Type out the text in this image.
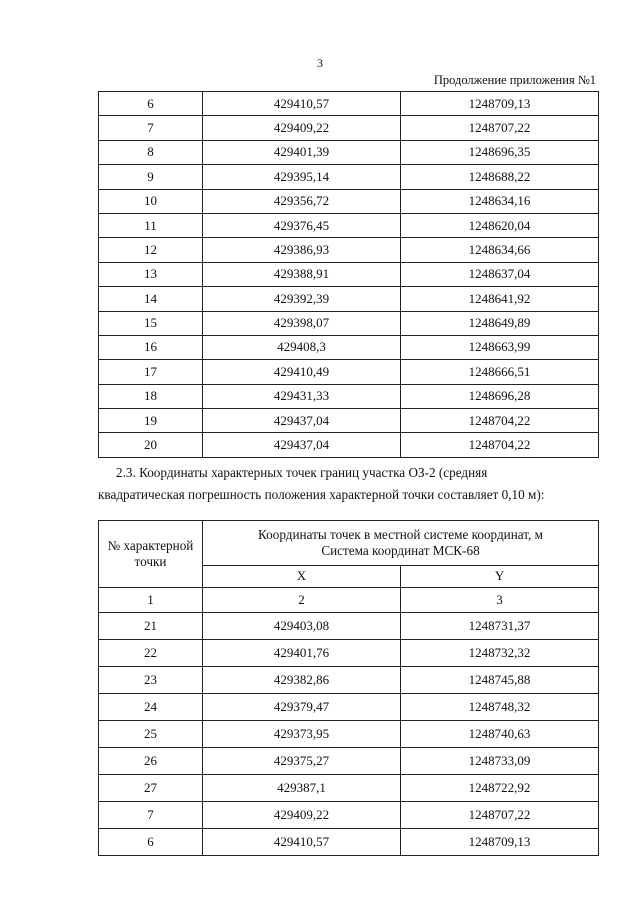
3
Продолжение приложения №1
6	429410,57	1248709,13
7	429409,22	1248707,22
8	429401,39	1248696,35
9	429395,14	1248688,22
10	429356,72	1248634,16
11	429376,45	1248620,04
12	429386,93	1248634,66
13	429388,91	1248637,04
14	429392,39	1248641,92
15	429398,07	1248649,89
16	429408,3	1248663,99
17	429410,49	1248666,51
18	429431,33	1248696,28
19	429437,04	1248704,22
20	429437,04	1248704,22
2.3. Координаты характерных точек границ участка ОЗ-2 (средняя
квадратическая погрешность положения характерной точки составляет 0,10 м):
№ характерной точки	Координаты точек в местной системе координат, м
Система координат МСК-68	

	X	Y
1	2	3
21	429403,08	1248731,37
22	429401,76	1248732,32
23	429382,86	1248745,88
24	429379,47	1248748,32
25	429373,95	1248740,63
26	429375,27	1248733,09
27	429387,1	1248722,92
7	429409,22	1248707,22
6	429410,57	1248709,13
